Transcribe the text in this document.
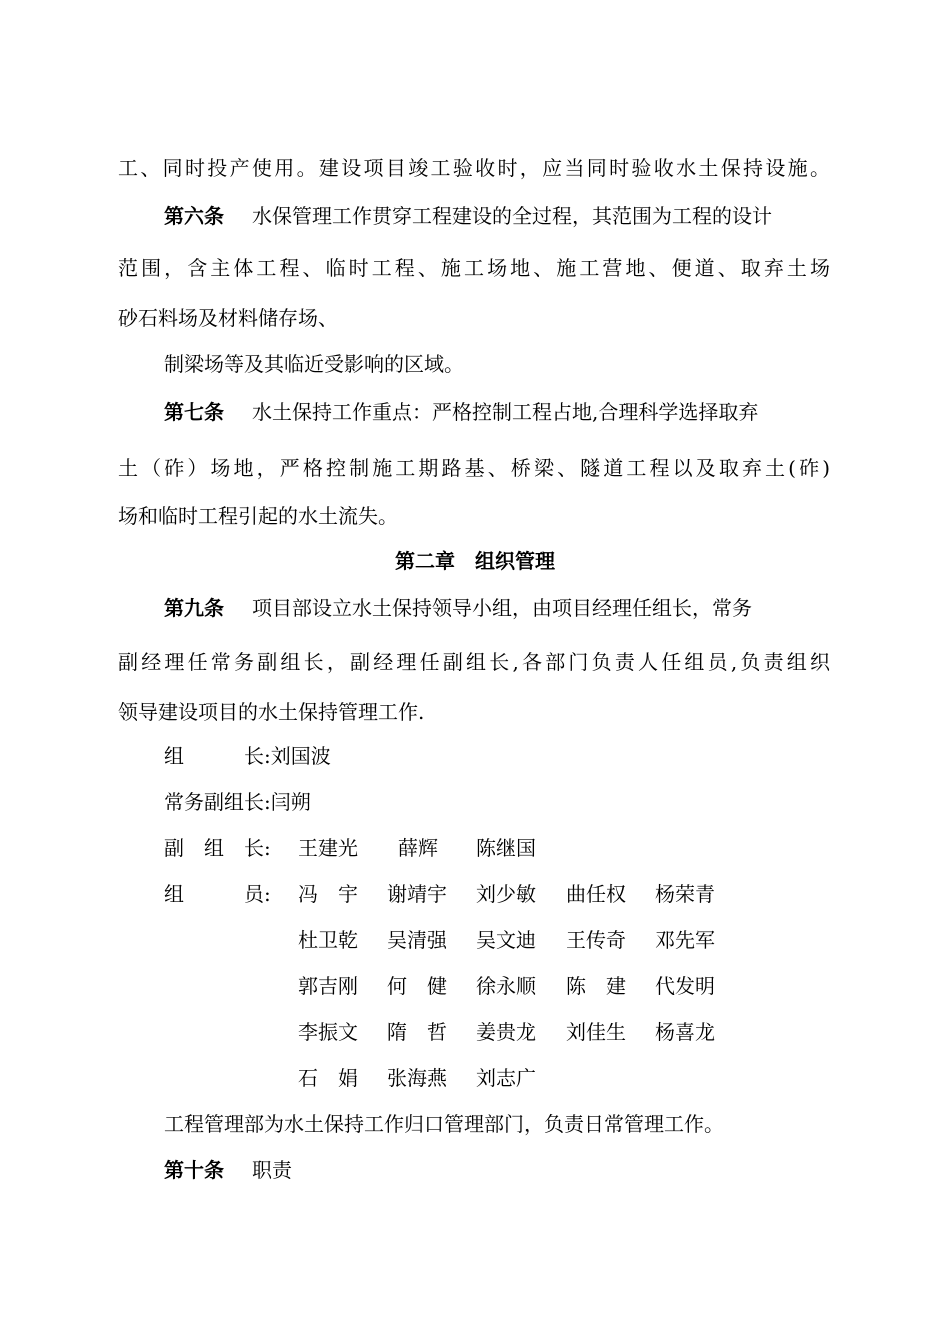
工、同时投产使用。建设项目竣工验收时，应当同时验收水土保持设施。
第六条 水保管理工作贯穿工程建设的全过程，其范围为工程的设计
范围，含主体工程、临时工程、施工场地、施工营地、便道、取弃土场
砂石料场及材料储存场、
制梁场等及其临近受影响的区域。
第七条 水土保持工作重点：严格控制工程占地,合理科学选择取弃
土（砟）场地，严格控制施工期路基、桥梁、隧道工程以及取弃土(砟)
场和临时工程引起的水土流失。
第二章　组织管理
第九条 项目部设立水土保持领导小组，由项目经理任组长，常务
副经理任常务副组长，副经理任副组长,各部门负责人任组员,负责组织
领导建设项目的水土保持管理工作.
组　　　长:刘国波
常务副组长:闫朔
副　组　长: 王建光 薛辉 陈继国
组　　　员: 冯　宇 谢靖宇 刘少敏 曲任权 杨荣青
杜卫乾 吴清强 吴文迪 王传奇 邓先军
郭吉刚 何　健 徐永顺 陈　建 代发明
李振文 隋　哲 姜贵龙 刘佳生 杨喜龙
石　娟 张海燕 刘志广
工程管理部为水土保持工作归口管理部门，负责日常管理工作。
第十条 职责
